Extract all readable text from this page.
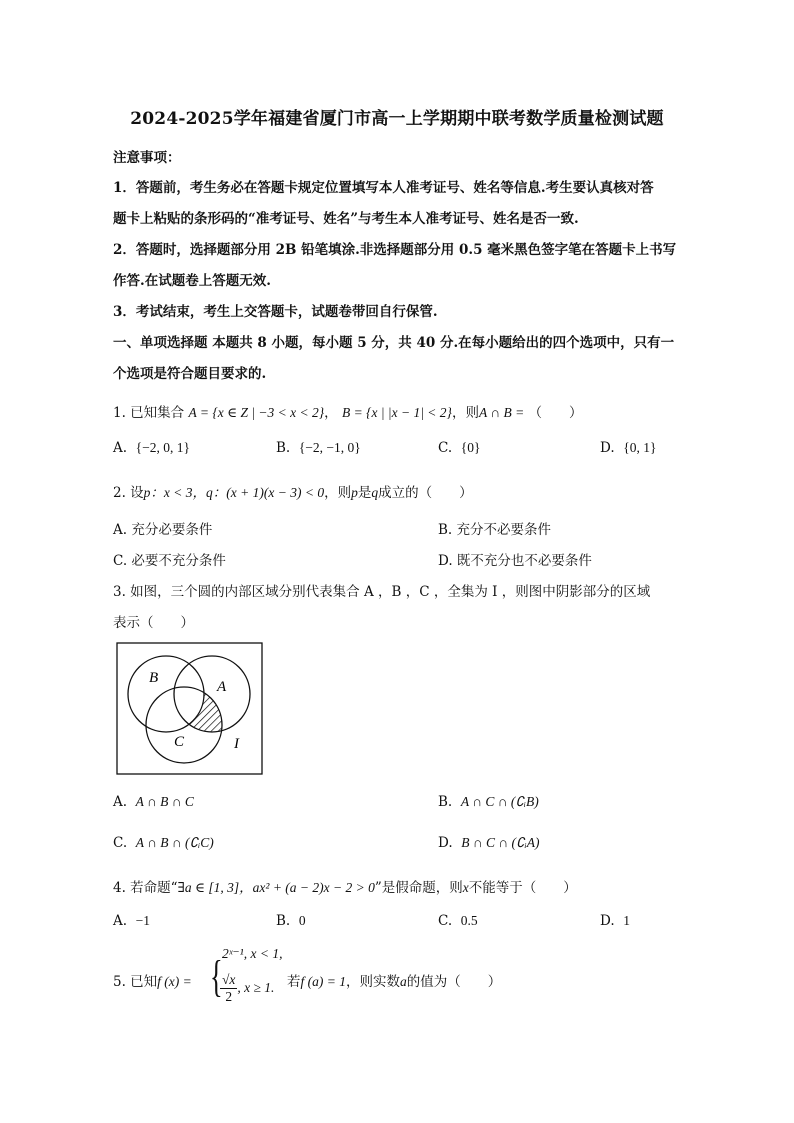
2024-2025学年福建省厦门市高一上学期期中联考数学质量检测试题
注意事项：
1．答题前，考生务必在答题卡规定位置填写本人准考证号、姓名等信息.考生要认真核对答
题卡上粘贴的条形码的“准考证号、姓名”与考生本人准考证号、姓名是否一致.
2．答题时，选择题部分用 2B 铅笔填涂.非选择题部分用 0.5 毫米黑色签字笔在答题卡上书写
作答.在试题卷上答题无效.
3．考试结束，考生上交答题卡，试题卷带回自行保管.
一、单项选择题 本题共 8 小题，每小题 5 分，共 40 分.在每小题给出的四个选项中，只有一
个选项是符合题目要求的.
1. 已知集合 A = {x ∈ Z | −3 < x < 2}， B = {x | |x − 1| < 2}，则A ∩ B = （　　）
A. {−2, 0, 1}	B. {−2, −1, 0}	C. {0}	D. {0, 1}
2. 设p：x < 3，q：(x + 1)(x − 3) < 0，则p是q成立的（　　）
A. 充分必要条件	B. 充分不必要条件
C. 必要不充分条件	D. 既不充分也不必要条件
3. 如图，三个圆的内部区域分别代表集合 A ，B ，C ，全集为 I ，则图中阴影部分的区域
表示（　　）
B
A
C	I
A. A ∩ B ∩ C	B. A ∩ C ∩ (∁ᵢB)
C. A ∩ B ∩ (∁ᵢC)	D. B ∩ C ∩ (∁ᵢA)
4. 若命题“∃a ∈ [1, 3]，ax² + (a − 2)x − 2 > 0”是假命题，则x不能等于（　　）
A. −1	B. 0	C. 0.5	D. 1
5. 已知f (x) = { 2ˣ⁻¹, x < 1,
$\frac{√x}{2}$ , x ≥ 1. 若f (a) = 1，则实数a的值为（　　）
